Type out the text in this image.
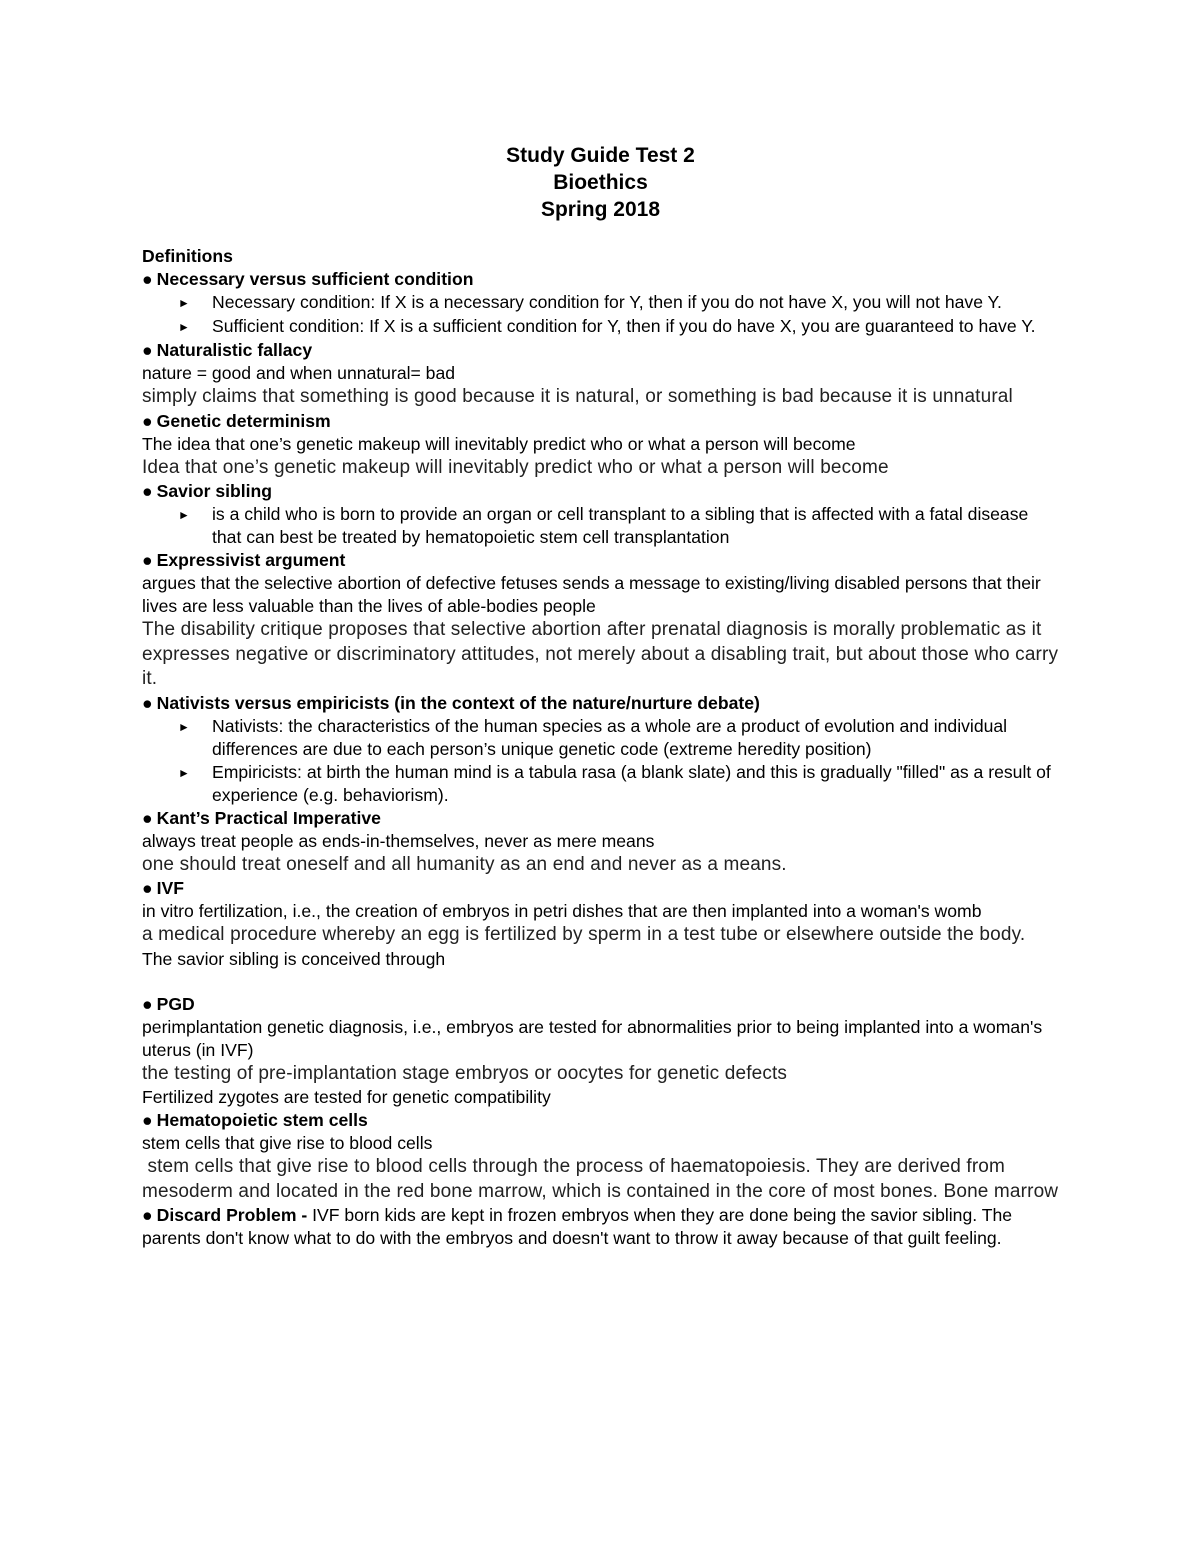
Study Guide Test 2
Bioethics
Spring 2018
Definitions
● Necessary versus sufficient condition
►	Necessary condition: If X is a necessary condition for Y, then if you do not have X, you will not have Y.
►	Sufficient condition: If X is a sufficient condition for Y, then if you do have X, you are guaranteed to have Y.
● Naturalistic fallacy
nature = good and when unnatural= bad
simply claims that something is good because it is natural, or something is bad because it is unnatural
● Genetic determinism
The idea that one’s genetic makeup will inevitably predict who or what a person will become
Idea that one’s genetic makeup will inevitably predict who or what a person will become
● Savior sibling
►	is a child who is born to provide an organ or cell transplant to a sibling that is affected with a fatal disease that can best be treated by hematopoietic stem cell transplantation
● Expressivist argument
argues that the selective abortion of defective fetuses sends a message to existing/living disabled persons that their lives are less valuable than the lives of able-bodies people
The disability critique proposes that selective abortion after prenatal diagnosis is morally problematic as it expresses negative or discriminatory attitudes, not merely about a disabling trait, but about those who carry it.
● Nativists versus empiricists (in the context of the nature/nurture debate)
►	Nativists: the characteristics of the human species as a whole are a product of evolution and individual differences are due to each person’s unique genetic code (extreme heredity position)
►	Empiricists: at birth the human mind is a tabula rasa (a blank slate) and this is gradually "filled" as a result of experience (e.g. behaviorism).
● Kant’s Practical Imperative
always treat people as ends-in-themselves, never as mere means
one should treat oneself and all humanity as an end and never as a means.
● IVF
in vitro fertilization, i.e., the creation of embryos in petri dishes that are then implanted into a woman's womb
a medical procedure whereby an egg is fertilized by sperm in a test tube or elsewhere outside the body.
The savior sibling is conceived through
● PGD
perimplantation genetic diagnosis, i.e., embryos are tested for abnormalities prior to being implanted into a woman's uterus (in IVF)
the testing of pre-implantation stage embryos or oocytes for genetic defects
Fertilized zygotes are tested for genetic compatibility
● Hematopoietic stem cells
stem cells that give rise to blood cells
stem cells that give rise to blood cells through the process of haematopoiesis. They are derived from mesoderm and located in the red bone marrow, which is contained in the core of most bones. Bone marrow
● Discard Problem - IVF born kids are kept in frozen embryos when they are done being the savior sibling. The parents don't know what to do with the embryos and doesn't want to throw it away because of that guilt feeling.
